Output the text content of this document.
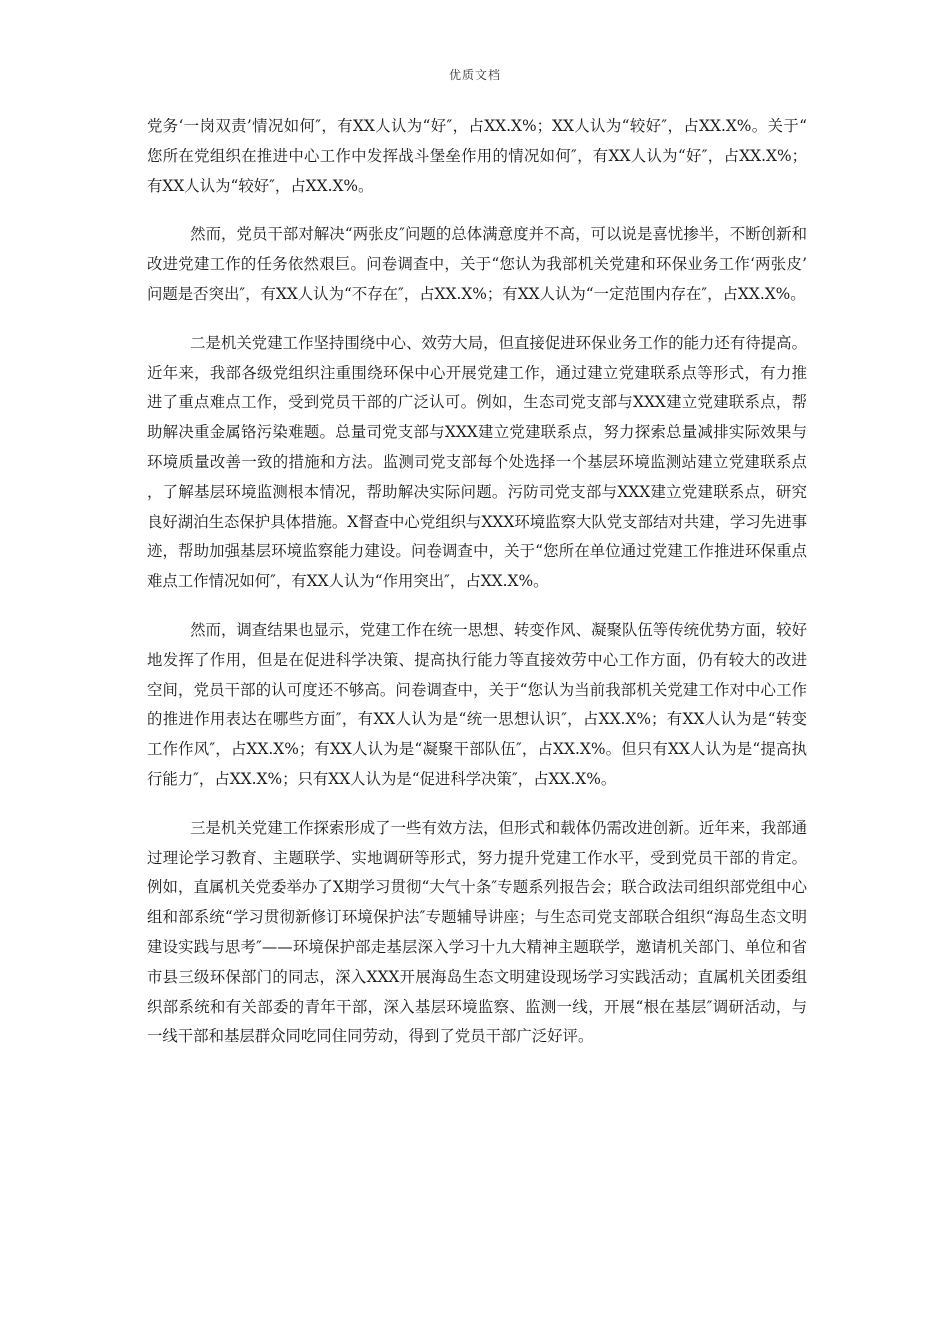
优质文档

党务‘一岗双责’情况如何″，有XX人认为“好″，占XX.X%；XX人认为“较好″，占XX.X%。关于“您所在党组织在推进中心工作中发挥战斗堡垒作用的情况如何″，有XX人认为“好″，占XX.X%；有XX人认为“较好″，占XX.X%。

然而，党员干部对解决“两张皮″问题的总体满意度并不高，可以说是喜忧掺半，不断创新和改进党建工作的任务依然艰巨。问卷调查中，关于“您认为我部机关党建和环保业务工作‘两张皮’问题是否突出″，有XX人认为“不存在″，占XX.X%；有XX人认为“一定范围内存在″，占XX.X%。

二是机关党建工作坚持围绕中心、效劳大局，但直接促进环保业务工作的能力还有待提高。近年来，我部各级党组织注重围绕环保中心开展党建工作，通过建立党建联系点等形式，有力推进了重点难点工作，受到党员干部的广泛认可。例如，生态司党支部与XXX建立党建联系点，帮助解决重金属铬污染难题。总量司党支部与XXX建立党建联系点，努力探索总量减排实际效果与环境质量改善一致的措施和方法。监测司党支部每个处选择一个基层环境监测站建立党建联系点，了解基层环境监测根本情况，帮助解决实际问题。污防司党支部与XXX建立党建联系点，研究良好湖泊生态保护具体措施。X督查中心党组织与XXX环境监察大队党支部结对共建，学习先进事迹，帮助加强基层环境监察能力建设。问卷调查中，关于“您所在单位通过党建工作推进环保重点难点工作情况如何″，有XX人认为“作用突出″，占XX.X%。

然而，调查结果也显示，党建工作在统一思想、转变作风、凝聚队伍等传统优势方面，较好地发挥了作用，但是在促进科学决策、提高执行能力等直接效劳中心工作方面，仍有较大的改进空间，党员干部的认可度还不够高。问卷调查中，关于“您认为当前我部机关党建工作对中心工作的推进作用表达在哪些方面″，有XX人认为是“统一思想认识″，占XX.X%；有XX人认为是“转变工作作风″，占XX.X%；有XX人认为是“凝聚干部队伍″，占XX.X%。但只有XX人认为是“提高执行能力″，占XX.X%；只有XX人认为是“促进科学决策″，占XX.X%。

三是机关党建工作探索形成了一些有效方法，但形式和载体仍需改进创新。近年来，我部通过理论学习教育、主题联学、实地调研等形式，努力提升党建工作水平，受到党员干部的肯定。例如，直属机关党委举办了X期学习贯彻“大气十条″专题系列报告会；联合政法司组织部党组中心组和部系统“学习贯彻新修订环境保护法″专题辅导讲座；与生态司党支部联合组织“海岛生态文明建设实践与思考″——环境保护部走基层深入学习十九大精神主题联学，邀请机关部门、单位和省市县三级环保部门的同志，深入XXX开展海岛生态文明建设现场学习实践活动；直属机关团委组织部系统和有关部委的青年干部，深入基层环境监察、监测一线，开展“根在基层″调研活动，与一线干部和基层群众同吃同住同劳动，得到了党员干部广泛好评。
